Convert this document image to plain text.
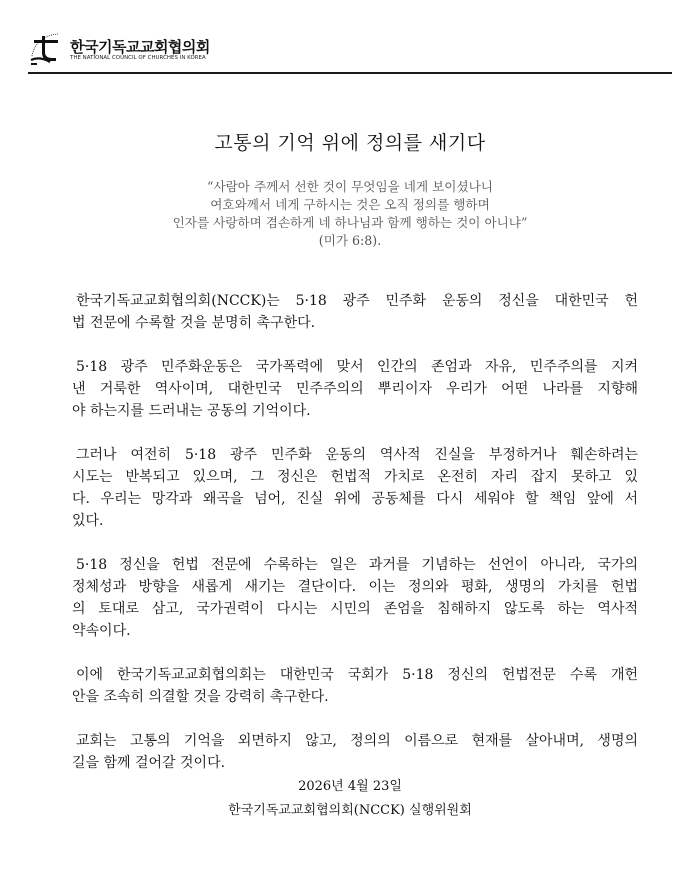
한국기독교교회협의회
THE NATIONAL COUNCIL OF CHURCHES IN KOREA
고통의 기억 위에 정의를 새기다
“사람아 주께서 선한 것이 무엇임을 네게 보이셨나니
여호와께서 네게 구하시는 것은 오직 정의를 행하며
인자를 사랑하며 겸손하게 네 하나님과 함께 행하는 것이 아니냐”
(미가 6:8).
한국기독교교회협의회(NCCK)는 5·18 광주 민주화 운동의 정신을 대한민국 헌
법 전문에 수록할 것을 분명히 촉구한다.
5·18 광주 민주화운동은 국가폭력에 맞서 인간의 존엄과 자유, 민주주의를 지켜
낸 거룩한 역사이며, 대한민국 민주주의의 뿌리이자 우리가 어떤 나라를 지향해
야 하는지를 드러내는 공동의 기억이다.
그러나 여전히 5·18 광주 민주화 운동의 역사적 진실을 부정하거나 훼손하려는
시도는 반복되고 있으며, 그 정신은 헌법적 가치로 온전히 자리 잡지 못하고 있
다. 우리는 망각과 왜곡을 넘어, 진실 위에 공동체를 다시 세워야 할 책임 앞에 서
있다.
5·18 정신을 헌법 전문에 수록하는 일은 과거를 기념하는 선언이 아니라, 국가의
정체성과 방향을 새롭게 새기는 결단이다. 이는 정의와 평화, 생명의 가치를 헌법
의 토대로 삼고, 국가권력이 다시는 시민의 존엄을 침해하지 않도록 하는 역사적
약속이다.
이에 한국기독교교회협의회는 대한민국 국회가 5·18 정신의 헌법전문 수록 개헌
안을 조속히 의결할 것을 강력히 촉구한다.
교회는 고통의 기억을 외면하지 않고, 정의의 이름으로 현재를 살아내며, 생명의
길을 함께 걸어갈 것이다.
2026년 4월 23일
한국기독교교회협의회(NCCK) 실행위원회
